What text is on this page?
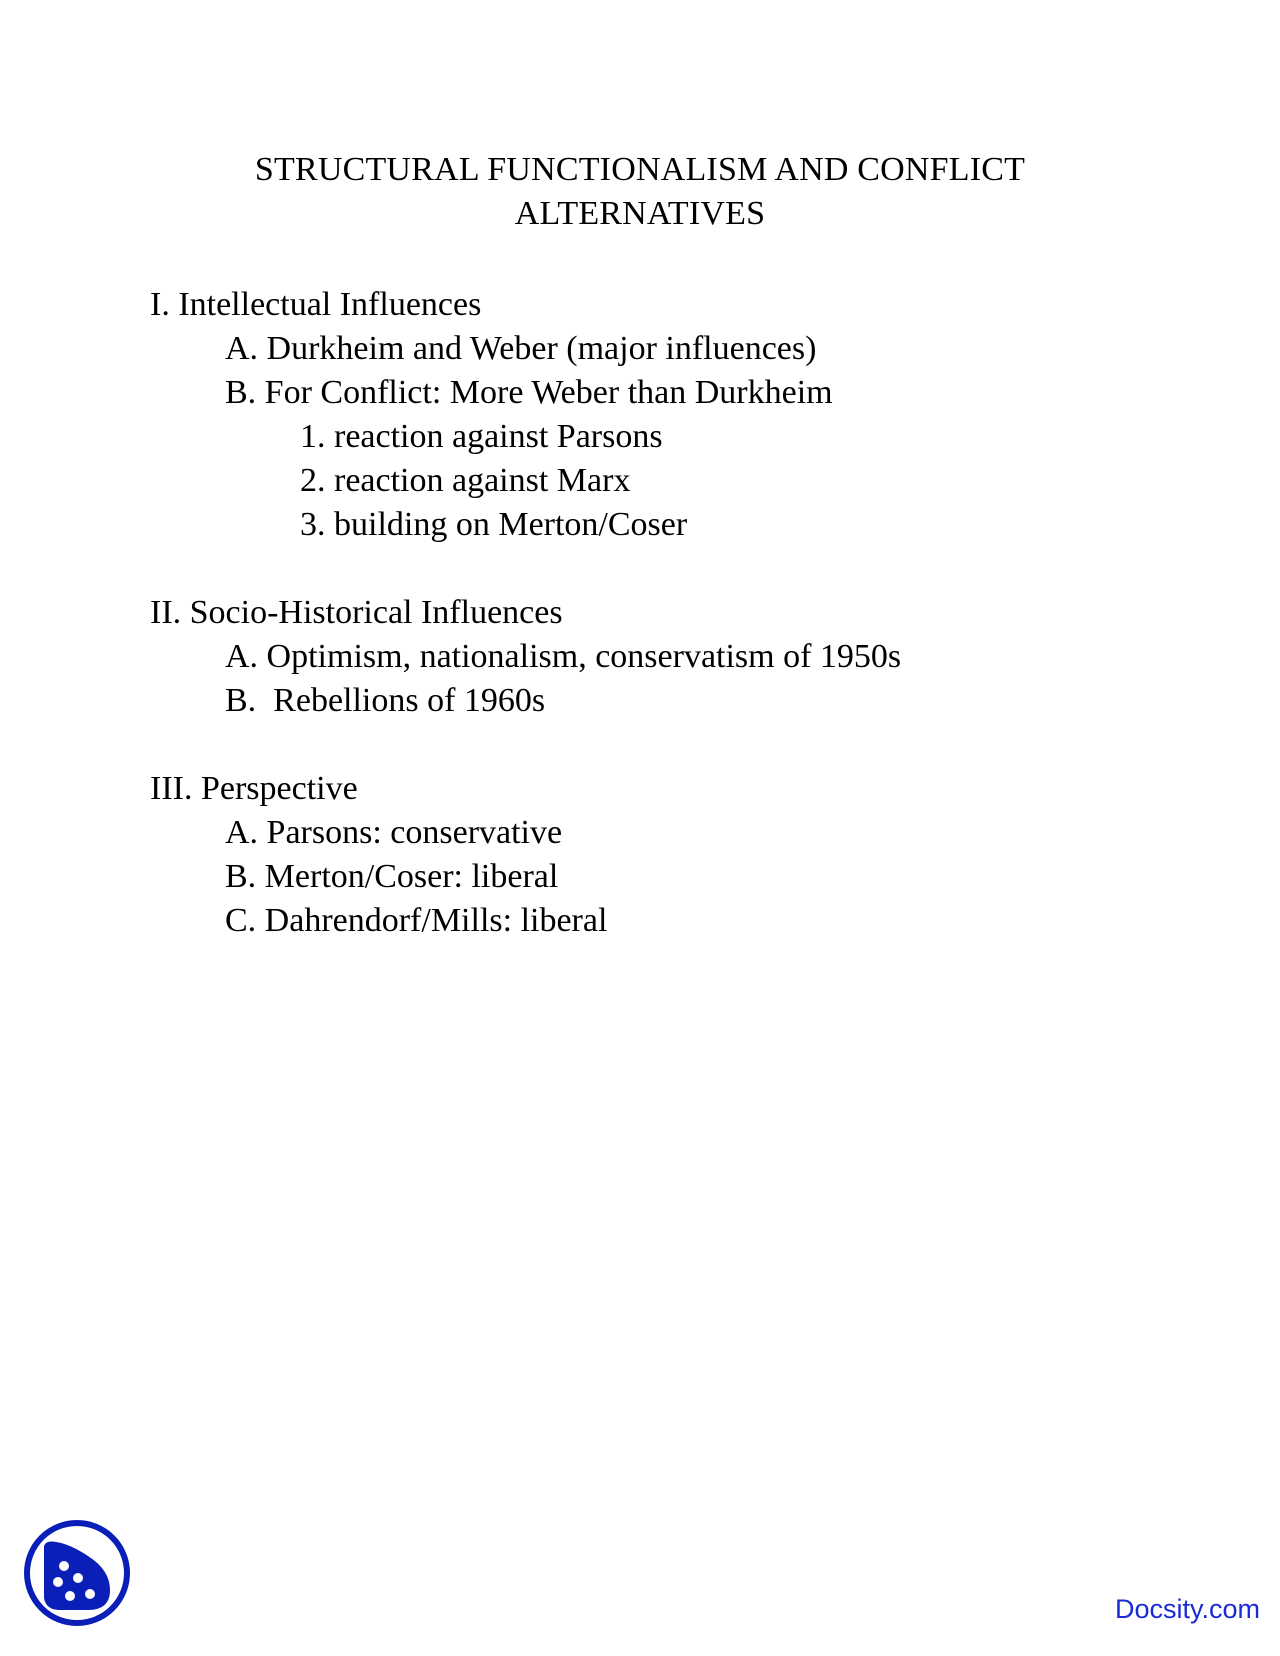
STRUCTURAL FUNCTIONALISM AND CONFLICT
ALTERNATIVES
I. Intellectual Influences
A. Durkheim and Weber (major influences)
B. For Conflict: More Weber than Durkheim
1. reaction against Parsons
2. reaction against Marx
3. building on Merton/Coser
II. Socio-Historical Influences
A. Optimism, nationalism, conservatism of 1950s
B.  Rebellions of 1960s
III. Perspective
A. Parsons: conservative
B. Merton/Coser: liberal
C. Dahrendorf/Mills: liberal
Docsity.com
